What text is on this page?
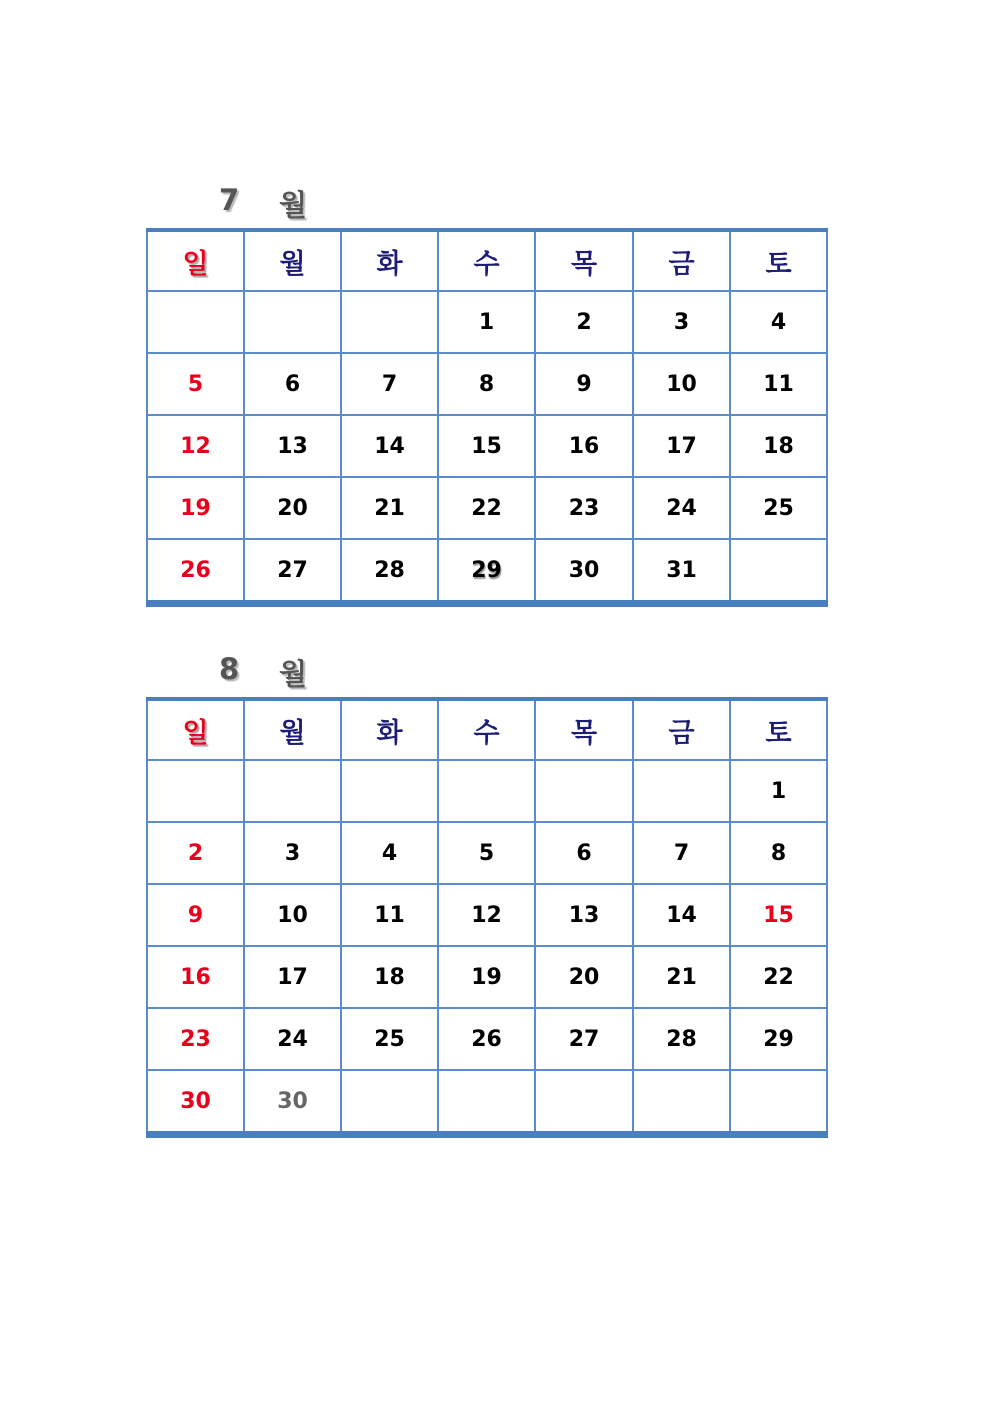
7 월
일	월	화	수	목	금	토
			1	2	3	4
5	6	7	8	9	10	11
12	13	14	15	16	17	18
19	20	21	22	23	24	25
26	27	28	29	30	31	
8 월
일	월	화	수	목	금	토
						1
2	3	4	5	6	7	8
9	10	11	12	13	14	15
16	17	18	19	20	21	22
23	24	25	26	27	28	29
30	30					
